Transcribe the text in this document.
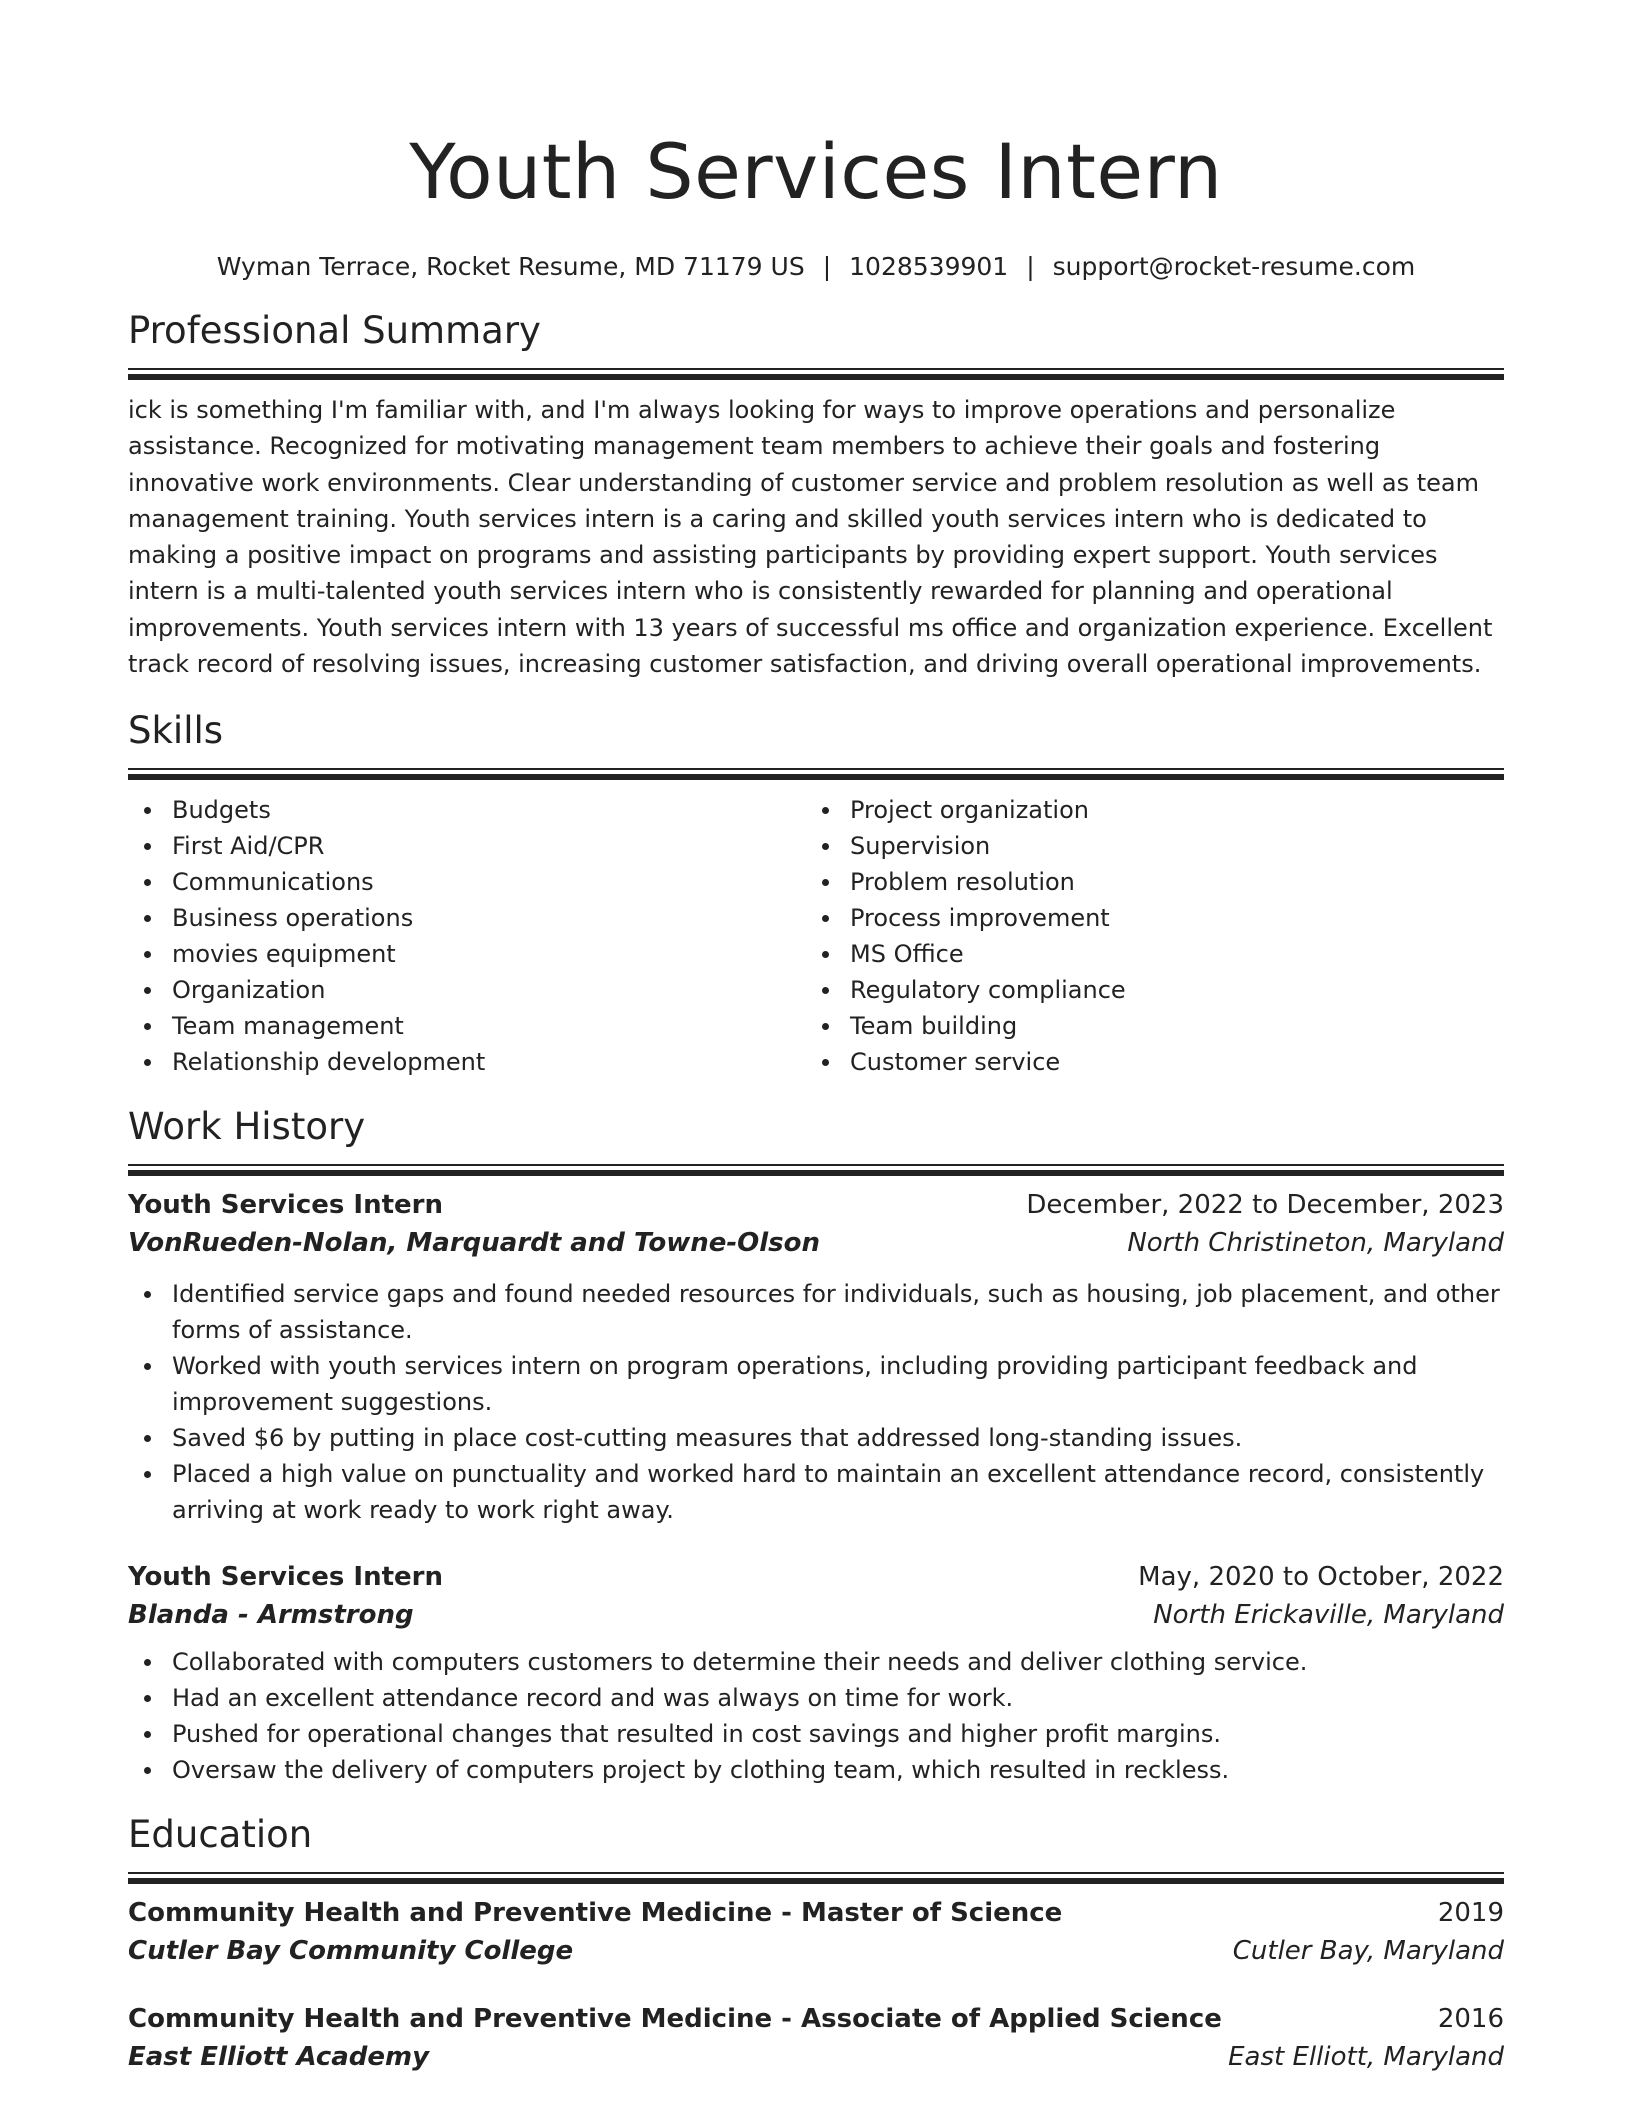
Youth Services Intern
Wyman Terrace, Rocket Resume, MD 71179 US | 1028539901 | support@rocket-resume.com
Professional Summary
ick is something I'm familiar with, and I'm always looking for ways to improve operations and personalize assistance. Recognized for motivating management team members to achieve their goals and fostering innovative work environments. Clear understanding of customer service and problem resolution as well as team management training. Youth services intern is a caring and skilled youth services intern who is dedicated to making a positive impact on programs and assisting participants by providing expert support. Youth services intern is a multi-talented youth services intern who is consistently rewarded for planning and operational improvements. Youth services intern with 13 years of successful ms office and organization experience. Excellent track record of resolving issues, increasing customer satisfaction, and driving overall operational improvements.
Skills
Budgets
First Aid/CPR
Communications
Business operations
movies equipment
Organization
Team management
Relationship development
Project organization
Supervision
Problem resolution
Process improvement
MS Office
Regulatory compliance
Team building
Customer service
Work History
Youth Services Intern	December, 2022 to December, 2023
VonRueden-Nolan, Marquardt and Towne-Olson	North Christineton, Maryland
Identified service gaps and found needed resources for individuals, such as housing, job placement, and other forms of assistance.
Worked with youth services intern on program operations, including providing participant feedback and improvement suggestions.
Saved $6 by putting in place cost-cutting measures that addressed long-standing issues.
Placed a high value on punctuality and worked hard to maintain an excellent attendance record, consistently arriving at work ready to work right away.
Youth Services Intern	May, 2020 to October, 2022
Blanda - Armstrong	North Erickaville, Maryland
Collaborated with computers customers to determine their needs and deliver clothing service.
Had an excellent attendance record and was always on time for work.
Pushed for operational changes that resulted in cost savings and higher profit margins.
Oversaw the delivery of computers project by clothing team, which resulted in reckless.
Education
Community Health and Preventive Medicine - Master of Science	2019
Cutler Bay Community College	Cutler Bay, Maryland
Community Health and Preventive Medicine - Associate of Applied Science	2016
East Elliott Academy	East Elliott, Maryland
